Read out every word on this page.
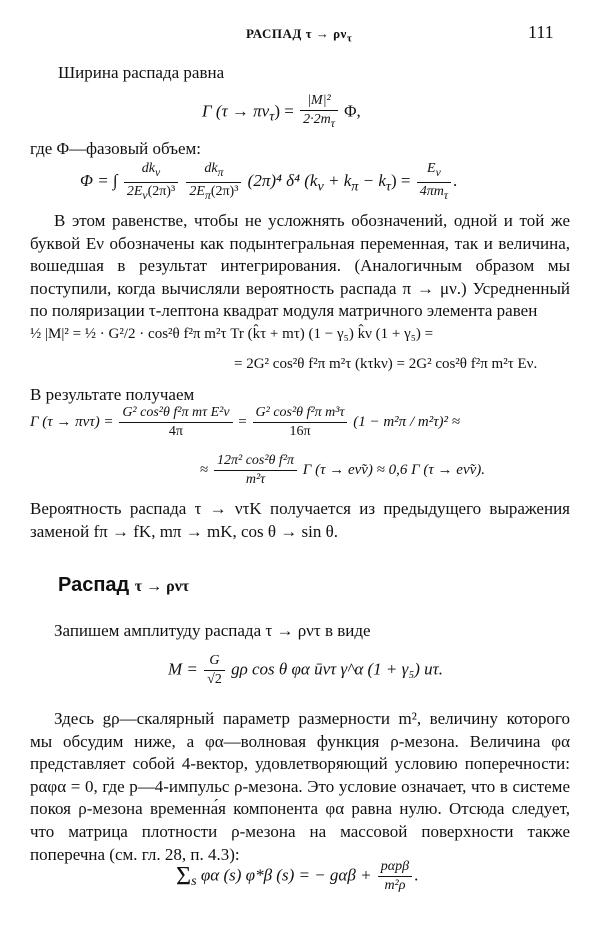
РАСПАД $\tau \to \rho\nu_\tau$	111
Ширина распада равна
Γ $(\tau \to \pi\nu_\tau) = \frac{\text{|M|²}}{2\cdot 2m_\tau} \Phi$,
где Φ—фазовый объем:
Φ = ∫ $\frac{dk_\nu}{2E_\nu(2\pi)^3}$
$\frac{dk_\pi}{2E_\pi(2\pi)^3} (2\pi)^4$ δ⁴ $(k_\nu + k_\pi - k_\tau) = \frac{E_\nu}{4\pi m_\tau}$ .
В этом равенстве, чтобы не усложнять обозначений, одной и той же буквой Eν обозначены как подынтегральная переменная, так и величина, вошедшая в результат интегрирования. (Аналогичным образом мы поступили, когда вычисляли вероятность распада π → μν.) Усредненный по поляризации τ-лептона квадрат модуля матричного элемента равен
½ |M|² = ½ · G²/2 · cos²θ f²π m²τ Tr (k̂τ + mτ) (1 − γ₅) k̂ν (1 + γ₅) =
= 2G² cos²θ f²π m²τ (kτkν) = 2G² cos²θ f²π m²τ Eν.
В результате получаем
Γ $(\tau \to \pi\nu\tau) = \frac{\text{G² cos²θ f²π mτ E²ν}}{4\pi} = \frac{\text{G² cos²θ f²π m³τ}}{16\pi} (1 - m^2\pi / m^2\tau)^2$ ≈
≈ $\frac{\text{12π² cos²θ f²π}}{\text{m²τ}}$ Γ (τ → eν̃ν) ≈ 0,6 Γ (τ → eν̃ν).
Вероятность распада τ → ντK получается из предыдущего выражения заменой fπ → fK, mπ → mK, cos θ → sin θ.
Распад τ → ρντ
Запишем амплитуду распада τ → ρντ в виде
$M = \frac{G}{√2}$ gρ cos θ φα ūντ γ^α (1 + γ₅) uτ.
Здесь gρ—скалярный параметр размерности m², величину которого мы обсудим ниже, а φα—волновая функция ρ-мезона. Величина φα представляет собой 4-вектор, удовлетворяющий условию поперечности: pαφα = 0, где p—4-импульс ρ-мезона. Это условие означает, что в системе покоя ρ-мезона временна́я компонента φα равна нулю. Отсюда следует, что матрица плотности ρ-мезона на массовой поверхности также поперечна (см. гл. 28, п. 4.3):
$\Sigma_s$ φα (s) φ*β (s) = − $g\alpha\beta + \frac{\text{pαpβ}}{\text{m²ρ}}$ .
